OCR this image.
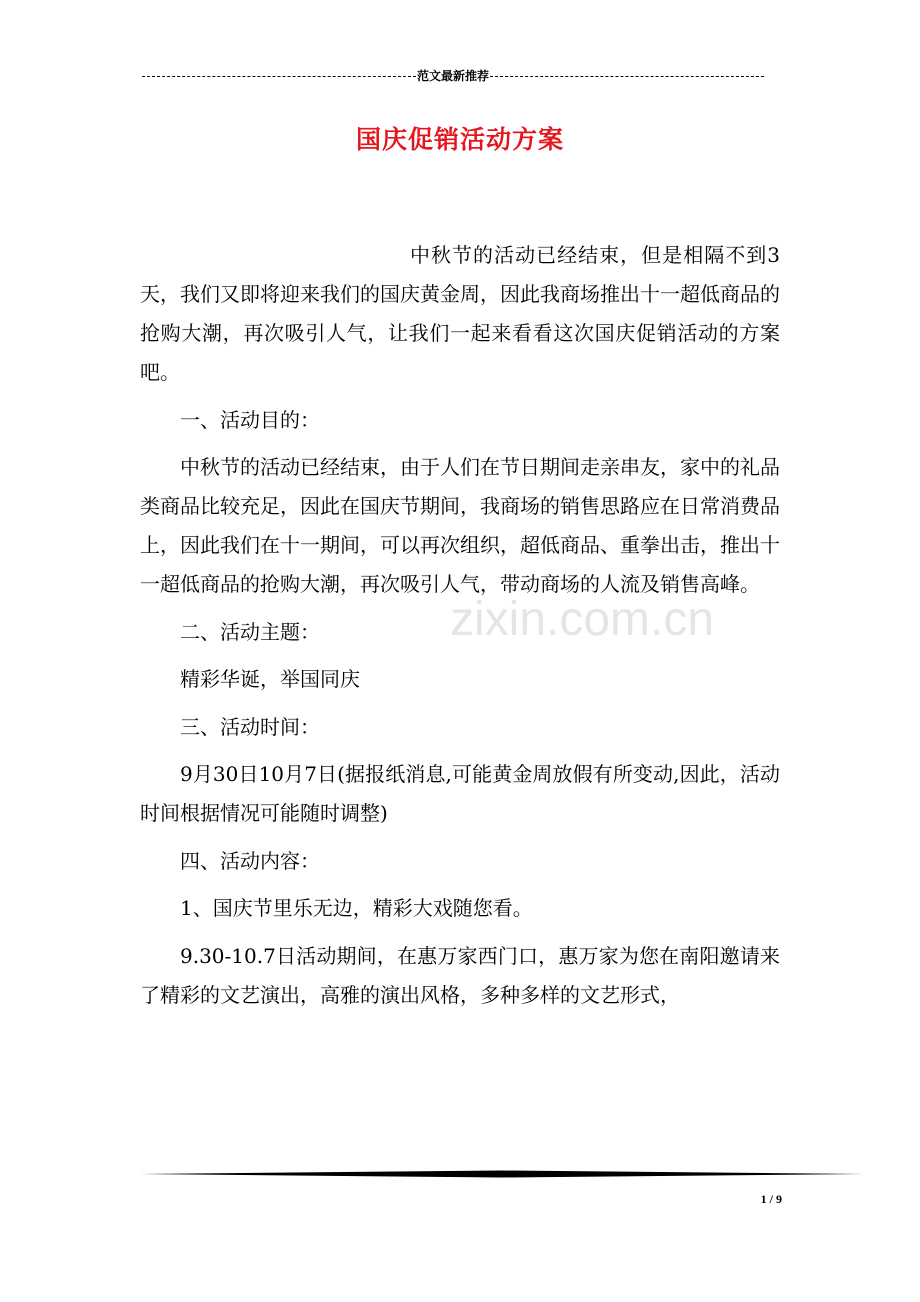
范文最新推荐
国庆促销活动方案

中秋节的活动已经结束，但是相隔不到3天，我们又即将迎来我们的国庆黄金周，因此我商场推出十一超低商品的抢购大潮，再次吸引人气，让我们一起来看看这次国庆促销活动的方案吧。

一、活动目的：

中秋节的活动已经结束，由于人们在节日期间走亲串友，家中的礼品类商品比较充足，因此在国庆节期间，我商场的销售思路应在日常消费品上，因此我们在十一期间，可以再次组织，超低商品、重拳出击，推出十一超低商品的抢购大潮，再次吸引人气，带动商场的人流及销售高峰。

二、活动主题：

精彩华诞，举国同庆

三、活动时间：

9月30日10月7日(据报纸消息,可能黄金周放假有所变动,因此，活动时间根据情况可能随时调整)

四、活动内容：

1、国庆节里乐无边，精彩大戏随您看。

9.30-10.7日活动期间，在惠万家西门口，惠万家为您在南阳邀请来了精彩的文艺演出，高雅的演出风格，多种多样的文艺形式，

zixin.com.cn
1 / 9
